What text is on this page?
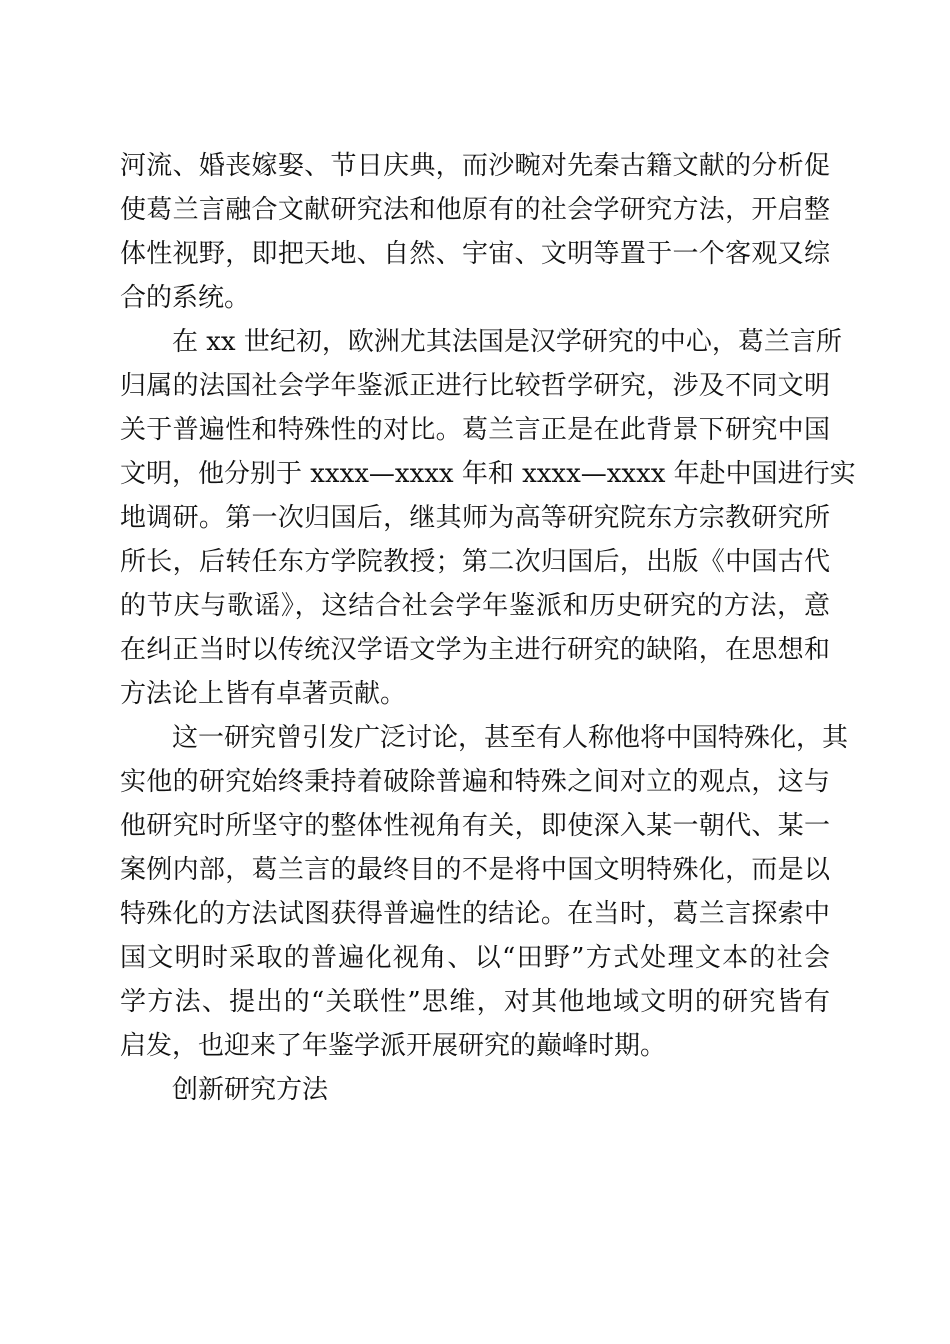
河流、婚丧嫁娶、节日庆典，而沙畹对先秦古籍文献的分析促
使葛兰言融合文献研究法和他原有的社会学研究方法，开启整
体性视野，即把天地、自然、宇宙、文明等置于一个客观又综
合的系统。

在 xx 世纪初，欧洲尤其法国是汉学研究的中心，葛兰言所
归属的法国社会学年鉴派正进行比较哲学研究，涉及不同文明
关于普遍性和特殊性的对比。葛兰言正是在此背景下研究中国
文明，他分别于 xxxx—xxxx 年和 xxxx—xxxx 年赴中国进行实
地调研。第一次归国后，继其师为高等研究院东方宗教研究所
所长，后转任东方学院教授；第二次归国后，出版《中国古代
的节庆与歌谣》，这结合社会学年鉴派和历史研究的方法，意
在纠正当时以传统汉学语文学为主进行研究的缺陷，在思想和
方法论上皆有卓著贡献。

这一研究曾引发广泛讨论，甚至有人称他将中国特殊化，其
实他的研究始终秉持着破除普遍和特殊之间对立的观点，这与
他研究时所坚守的整体性视角有关，即使深入某一朝代、某一
案例内部，葛兰言的最终目的不是将中国文明特殊化，而是以
特殊化的方法试图获得普遍性的结论。在当时，葛兰言探索中
国文明时采取的普遍化视角、以“田野”方式处理文本的社会
学方法、提出的“关联性”思维，对其他地域文明的研究皆有
启发，也迎来了年鉴学派开展研究的巅峰时期。

创新研究方法
